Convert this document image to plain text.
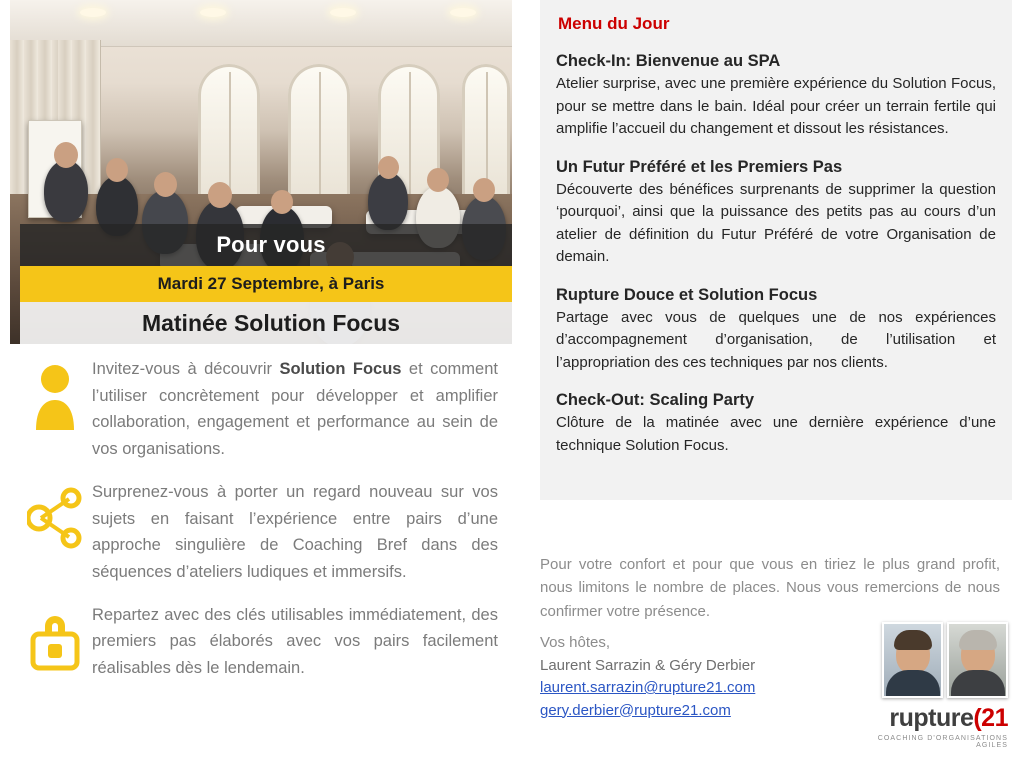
Pour vous
Mardi 27 Septembre, à Paris
Matinée Solution Focus
Invitez-vous à découvrir Solution Focus et comment l’utiliser concrètement pour développer et amplifier collaboration, engagement et performance au sein de vos organisations.
Surprenez-vous à porter un regard nouveau sur vos sujets en faisant l’expérience entre pairs d’une approche singulière de Coaching Bref dans des séquences d’ateliers ludiques et immersifs.
Repartez avec des clés utilisables immédiatement, des premiers pas élaborés avec vos pairs facilement réalisables dès le lendemain.
Menu du Jour
Check-In: Bienvenue au SPA
Atelier surprise, avec une première expérience du Solution Focus, pour se mettre dans le bain. Idéal pour créer un terrain fertile qui amplifie l’accueil du changement et dissout les résistances.
Un Futur Préféré et les Premiers Pas
Découverte des bénéfices surprenants de supprimer la question ‘pourquoi’, ainsi que la puissance des petits pas au cours d’un atelier de définition du Futur Préféré de votre Organisation de demain.
Rupture Douce et Solution Focus
Partage avec vous de quelques une de nos expériences d’accompagnement d’organisation, de l’utilisation et l’appropriation des ces techniques par nos clients.
Check-Out: Scaling Party
Clôture de la matinée avec une dernière expérience d’une technique Solution Focus.
Pour votre confort et pour que vous en tiriez le plus grand profit, nous limitons le nombre de places. Nous vous remercions de nous confirmer votre présence.
Vos hôtes,
Laurent Sarrazin & Géry Derbier
laurent.sarrazin@rupture21.com
gery.derbier@rupture21.com	rupture(21
COACHING D'ORGANISATIONS AGILES
